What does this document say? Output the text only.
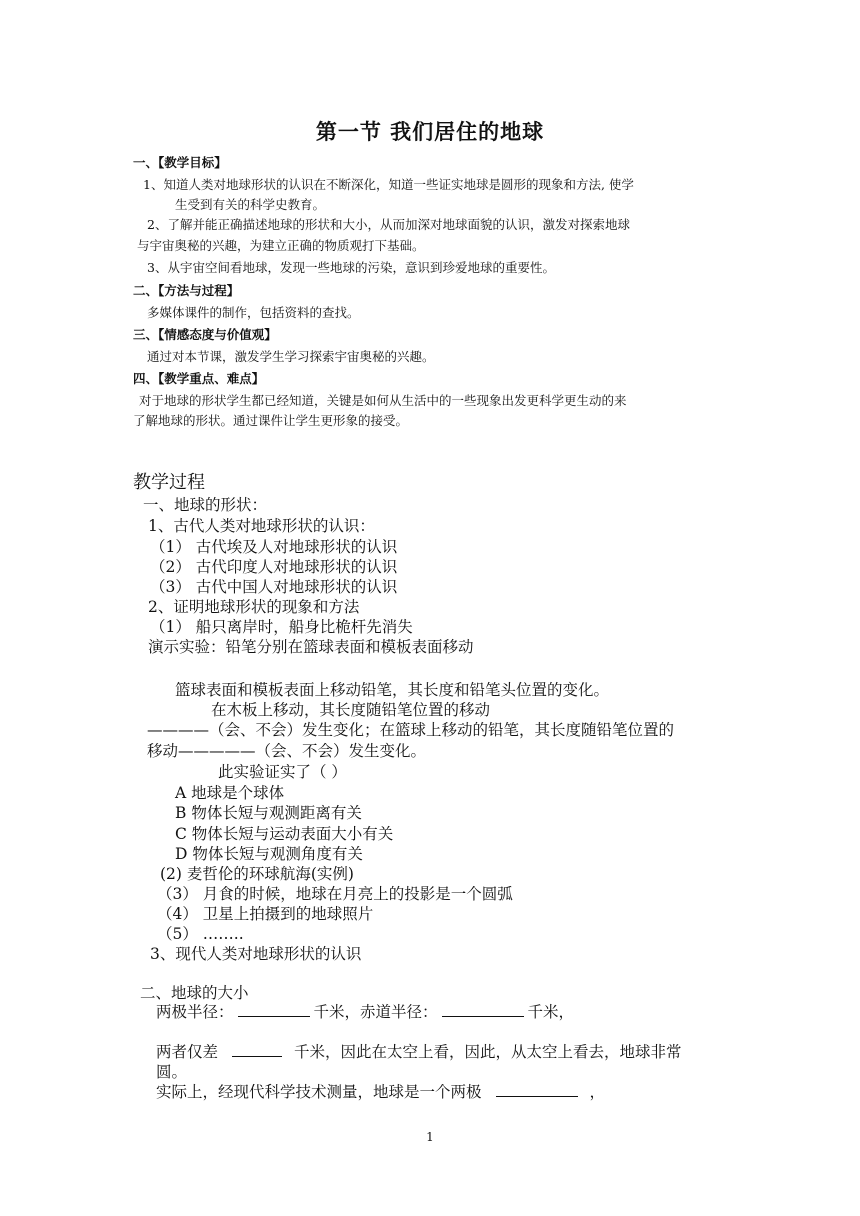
第一节 我们居住的地球
一、【教学目标】
1、知道人类对地球形状的认识在不断深化，知道一些证实地球是圆形的现象和方法, 使学
生受到有关的科学史教育。
2、了解并能正确描述地球的形状和大小，从而加深对地球面貌的认识，激发对探索地球
与宇宙奥秘的兴趣，为建立正确的物质观打下基础。
3、从宇宙空间看地球，发现一些地球的污染，意识到珍爱地球的重要性。
二、【方法与过程】
多媒体课件的制作，包括资料的查找。
三、【情感态度与价值观】
通过对本节课，激发学生学习探索宇宙奥秘的兴趣。
四、【教学重点、难点】
对于地球的形状学生都已经知道，关键是如何从生活中的一些现象出发更科学更生动的来
了解地球的形状。通过课件让学生更形象的接受。
教学过程
一、地球的形状：
1、古代人类对地球形状的认识：
（1） 古代埃及人对地球形状的认识
（2） 古代印度人对地球形状的认识
（3） 古代中国人对地球形状的认识
2、证明地球形状的现象和方法
（1） 船只离岸时，船身比桅杆先消失
演示实验：铅笔分别在篮球表面和模板表面移动
篮球表面和模板表面上移动铅笔，其长度和铅笔头位置的变化。
在木板上移动，其长度随铅笔位置的移动
————（会、不会）发生变化；在篮球上移动的铅笔，其长度随铅笔位置的
移动—————（会、不会）发生变化。
此实验证实了（ ）
A 地球是个球体
B 物体长短与观测距离有关
C 物体长短与运动表面大小有关
D 物体长短与观测角度有关
(2) 麦哲伦的环球航海(实例)
（3） 月食的时候，地球在月亮上的投影是一个圆弧
（4） 卫星上拍摄到的地球照片
（5） ……..
3、现代人类对地球形状的认识
二、地球的大小
两极半径：	千米，赤道半径：	千米，
两者仅差	千米，因此在太空上看，因此，从太空上看去，地球非常
圆。
实际上，经现代科学技术测量，地球是一个两极	，
1
